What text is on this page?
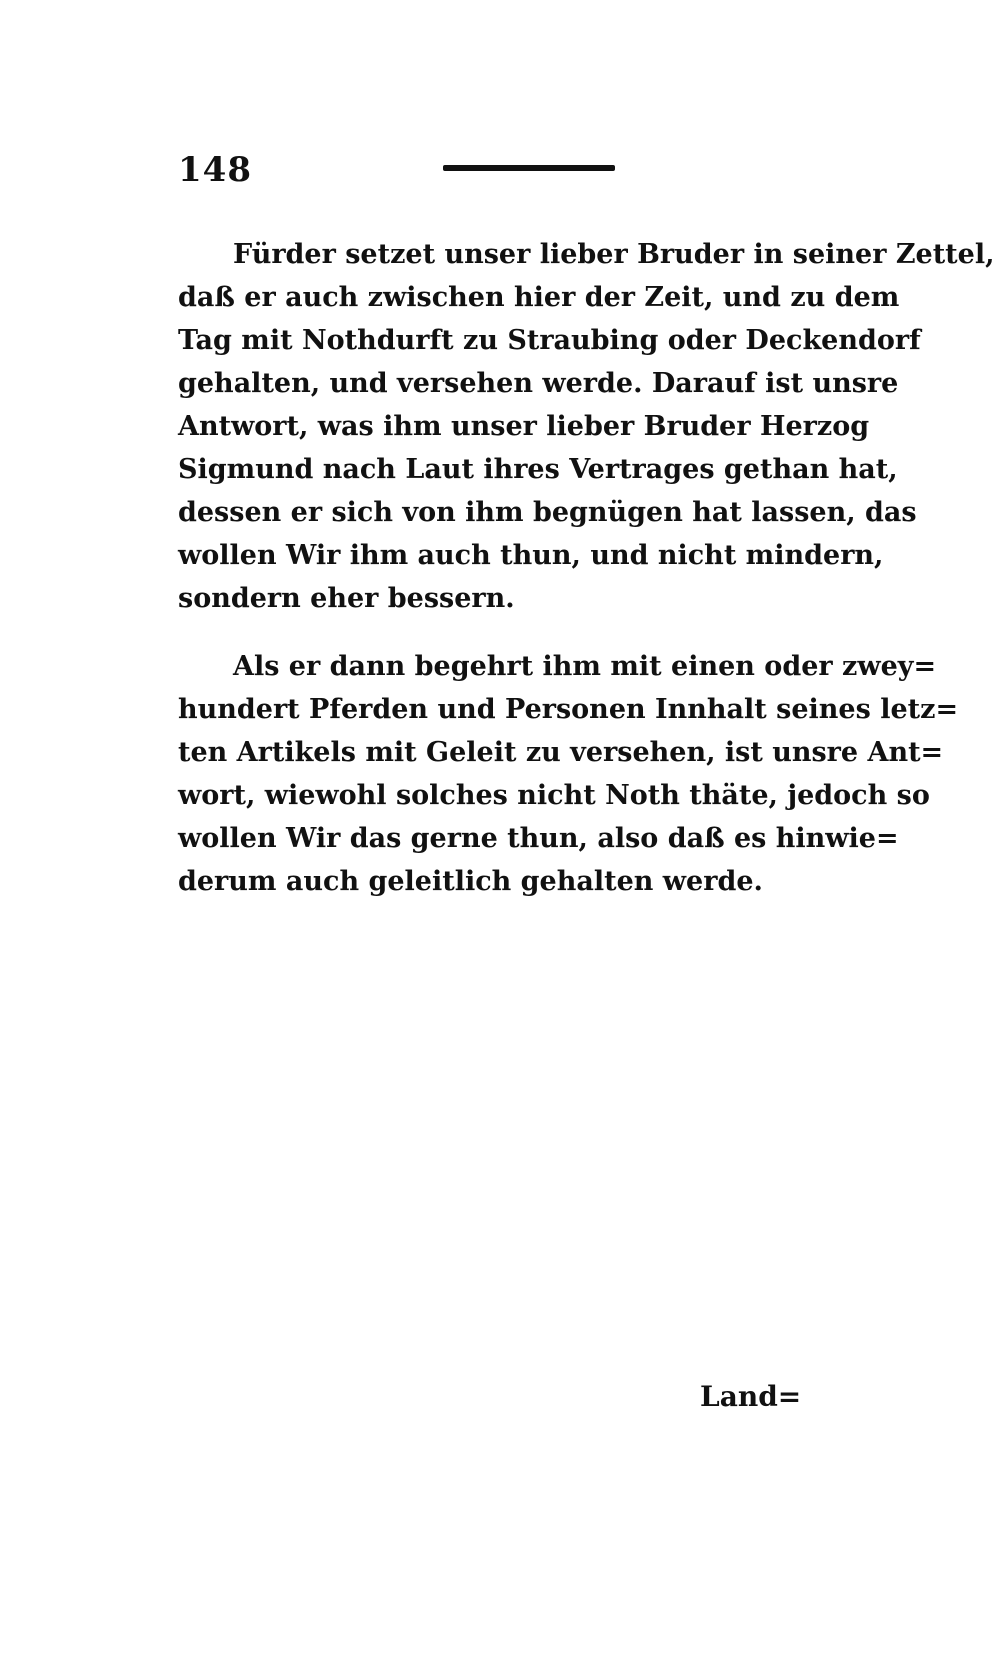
148
Fürder setzet unser lieber Bruder in seiner Zettel,
daß er auch zwischen hier der Zeit, und zu dem
Tag mit Nothdurft zu Straubing oder Deckendorf
gehalten, und versehen werde. Darauf ist unsre
Antwort, was ihm unser lieber Bruder Herzog
Sigmund nach Laut ihres Vertrages gethan hat,
dessen er sich von ihm begnügen hat lassen, das
wollen Wir ihm auch thun, und nicht mindern,
sondern eher bessern.
Als er dann begehrt ihm mit einen oder zwey=
hundert Pferden und Personen Innhalt seines letz=
ten Artikels mit Geleit zu versehen, ist unsre Ant=
wort, wiewohl solches nicht Noth thäte, jedoch so
wollen Wir das gerne thun, also daß es hinwie=
derum auch geleitlich gehalten werde.
Land=
